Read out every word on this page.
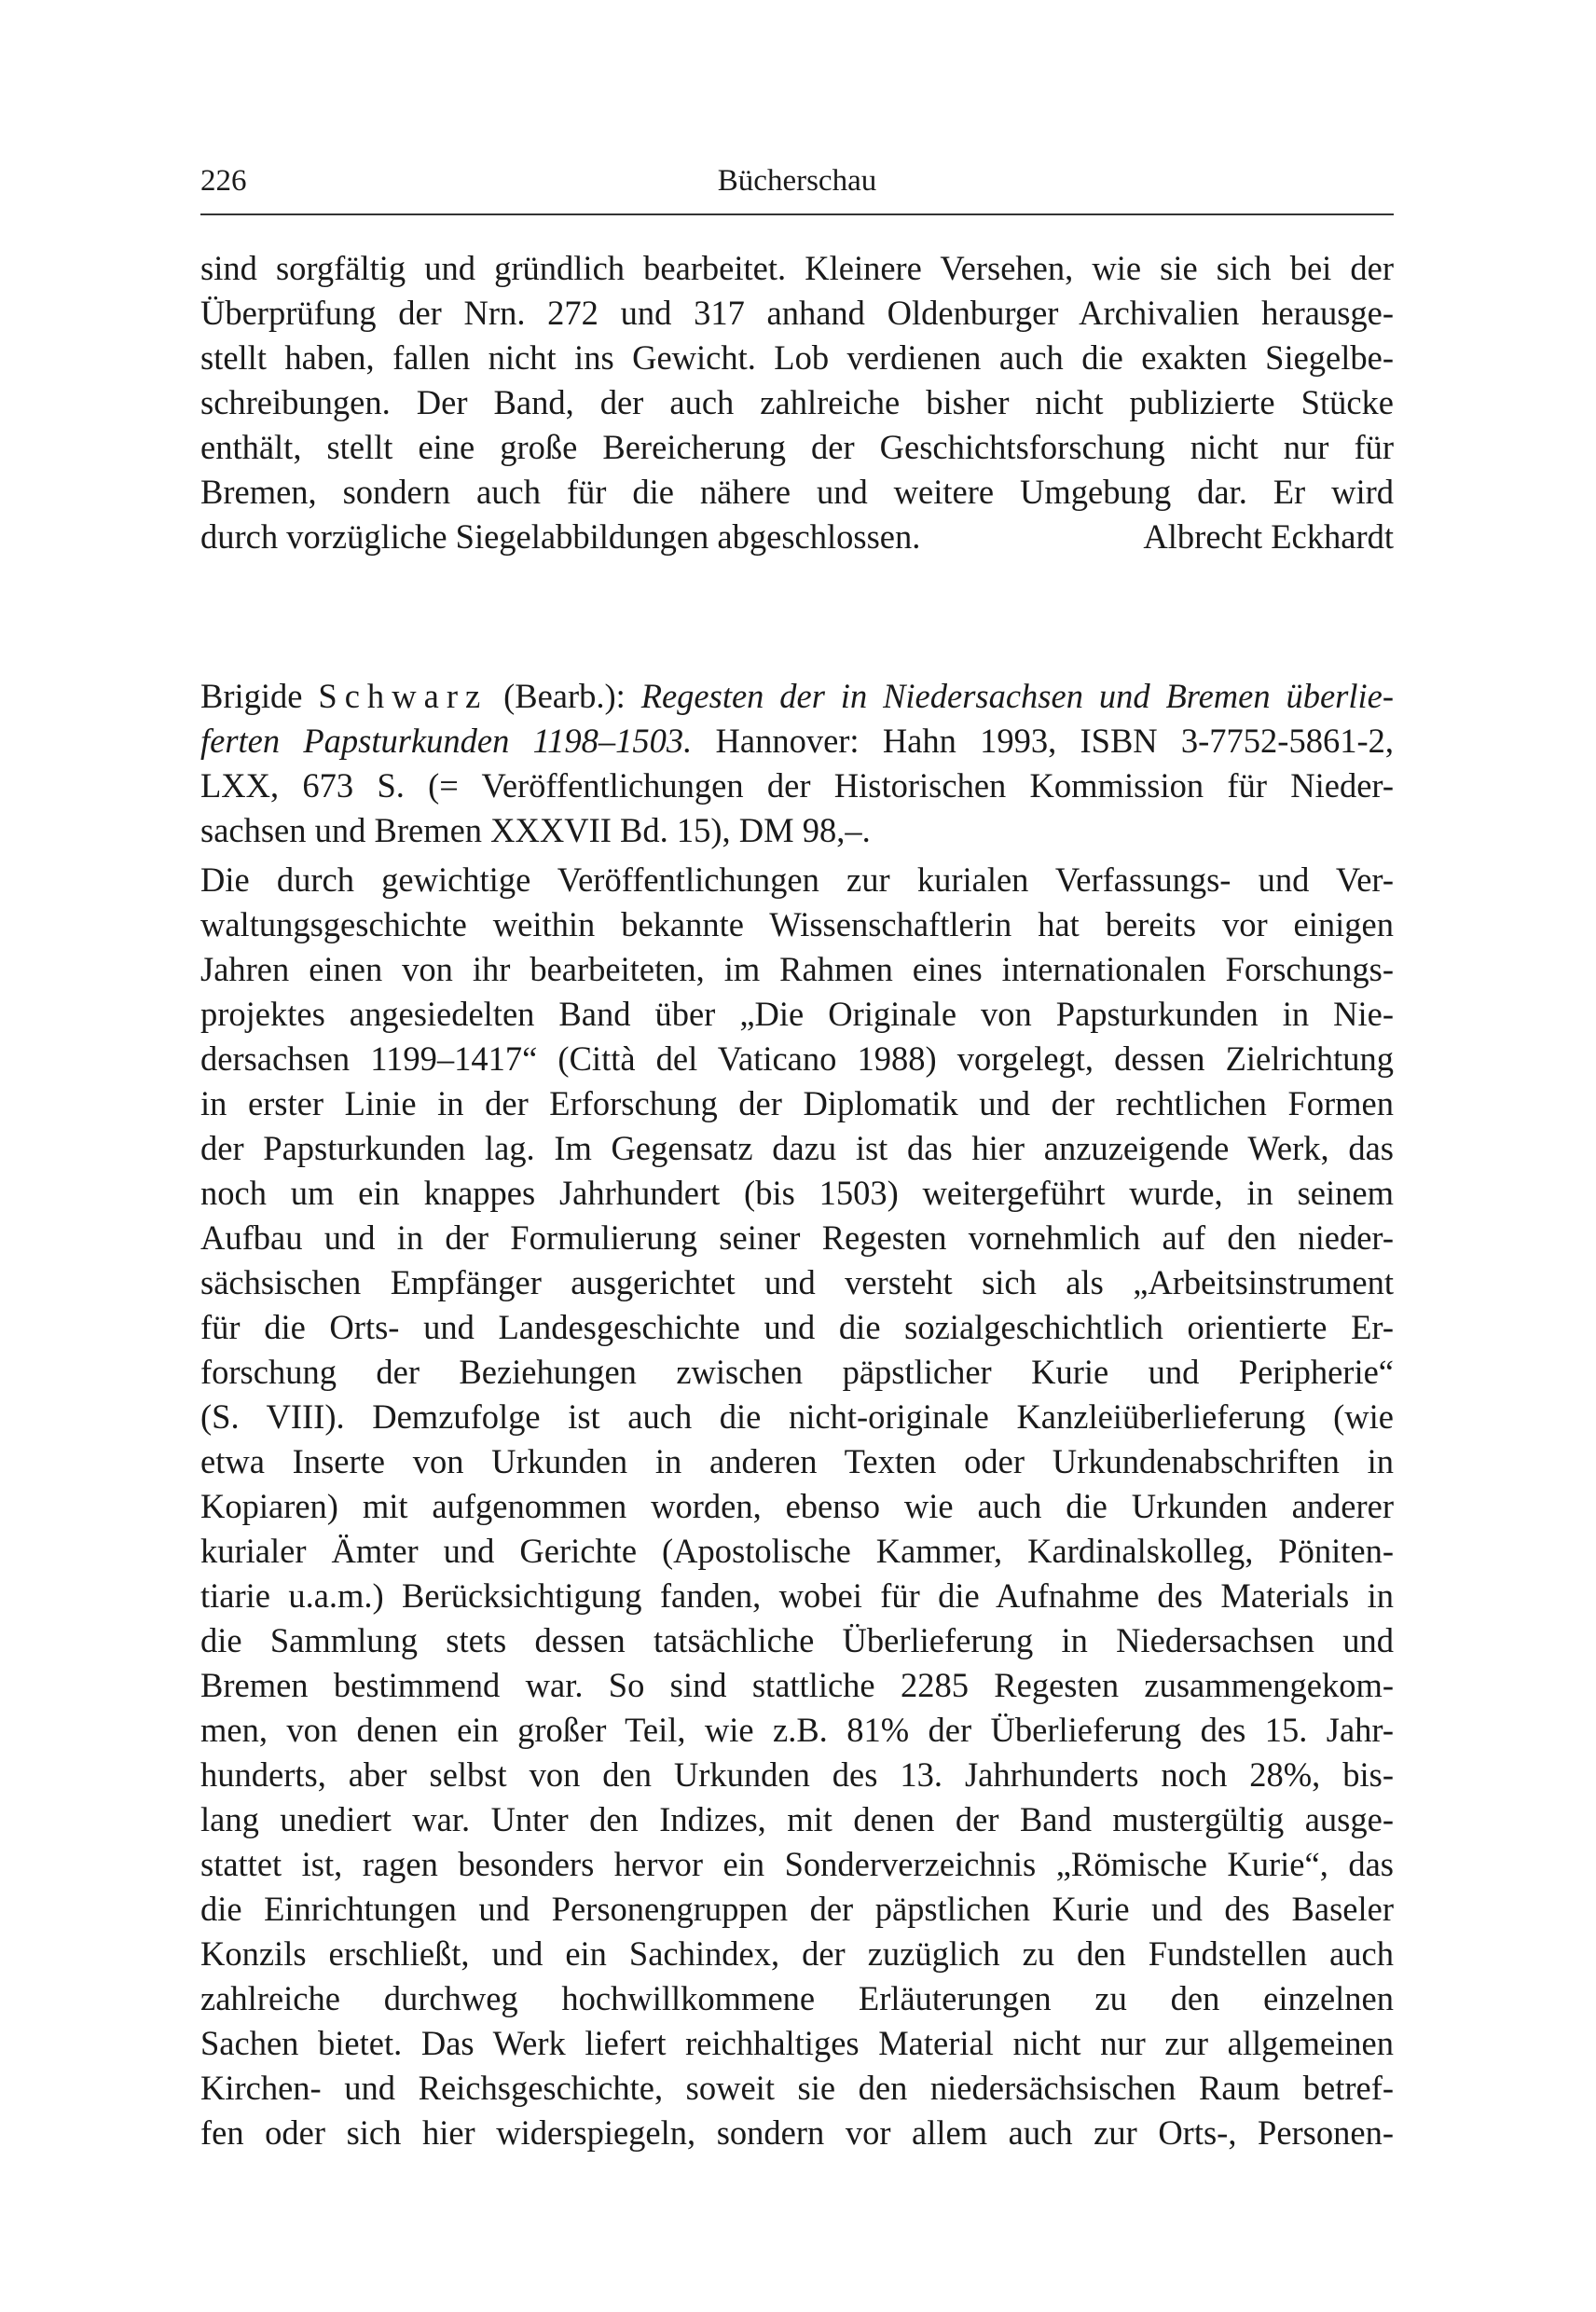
226	Bücherschau
sind sorgfältig und gründlich bearbeitet. Kleinere Versehen, wie sie sich bei der
Überprüfung der Nrn. 272 und 317 anhand Oldenburger Archivalien herausge-
stellt haben, fallen nicht ins Gewicht. Lob verdienen auch die exakten Siegelbe-
schreibungen. Der Band, der auch zahlreiche bisher nicht publizierte Stücke
enthält, stellt eine große Bereicherung der Geschichtsforschung nicht nur für
Bremen, sondern auch für die nähere und weitere Umgebung dar. Er wird
durch vorzügliche Siegelabbildungen abgeschlossen.	Albrecht Eckhardt
Brigide Schwarz (Bearb.): Regesten der in Niedersachsen und Bremen überlie-
ferten Papsturkunden 1198–1503. Hannover: Hahn 1993, ISBN 3-7752-5861-2,
LXX, 673 S. (= Veröffentlichungen der Historischen Kommission für Nieder-
sachsen und Bremen XXXVII Bd. 15), DM 98,–.
Die durch gewichtige Veröffentlichungen zur kurialen Verfassungs- und Ver-
waltungsgeschichte weithin bekannte Wissenschaftlerin hat bereits vor einigen
Jahren einen von ihr bearbeiteten, im Rahmen eines internationalen Forschungs-
projektes angesiedelten Band über „Die Originale von Papsturkunden in Nie-
dersachsen 1199–1417“ (Città del Vaticano 1988) vorgelegt, dessen Zielrichtung
in erster Linie in der Erforschung der Diplomatik und der rechtlichen Formen
der Papsturkunden lag. Im Gegensatz dazu ist das hier anzuzeigende Werk, das
noch um ein knappes Jahrhundert (bis 1503) weitergeführt wurde, in seinem
Aufbau und in der Formulierung seiner Regesten vornehmlich auf den nieder-
sächsischen Empfänger ausgerichtet und versteht sich als „Arbeitsinstrument
für die Orts- und Landesgeschichte und die sozialgeschichtlich orientierte Er-
forschung der Beziehungen zwischen päpstlicher Kurie und Peripherie“
(S. VIII). Demzufolge ist auch die nicht-originale Kanzleiüberlieferung (wie
etwa Inserte von Urkunden in anderen Texten oder Urkundenabschriften in
Kopiaren) mit aufgenommen worden, ebenso wie auch die Urkunden anderer
kurialer Ämter und Gerichte (Apostolische Kammer, Kardinalskolleg, Pöniten-
tiarie u.a.m.) Berücksichtigung fanden, wobei für die Aufnahme des Materials in
die Sammlung stets dessen tatsächliche Überlieferung in Niedersachsen und
Bremen bestimmend war. So sind stattliche 2285 Regesten zusammengekom-
men, von denen ein großer Teil, wie z.B. 81% der Überlieferung des 15. Jahr-
hunderts, aber selbst von den Urkunden des 13. Jahrhunderts noch 28%, bis-
lang unediert war. Unter den Indizes, mit denen der Band mustergültig ausge-
stattet ist, ragen besonders hervor ein Sonderverzeichnis „Römische Kurie“, das
die Einrichtungen und Personengruppen der päpstlichen Kurie und des Baseler
Konzils erschließt, und ein Sachindex, der zuzüglich zu den Fundstellen auch
zahlreiche durchweg hochwillkommene Erläuterungen zu den einzelnen
Sachen bietet. Das Werk liefert reichhaltiges Material nicht nur zur allgemeinen
Kirchen- und Reichsgeschichte, soweit sie den niedersächsischen Raum betref-
fen oder sich hier widerspiegeln, sondern vor allem auch zur Orts-, Personen-
